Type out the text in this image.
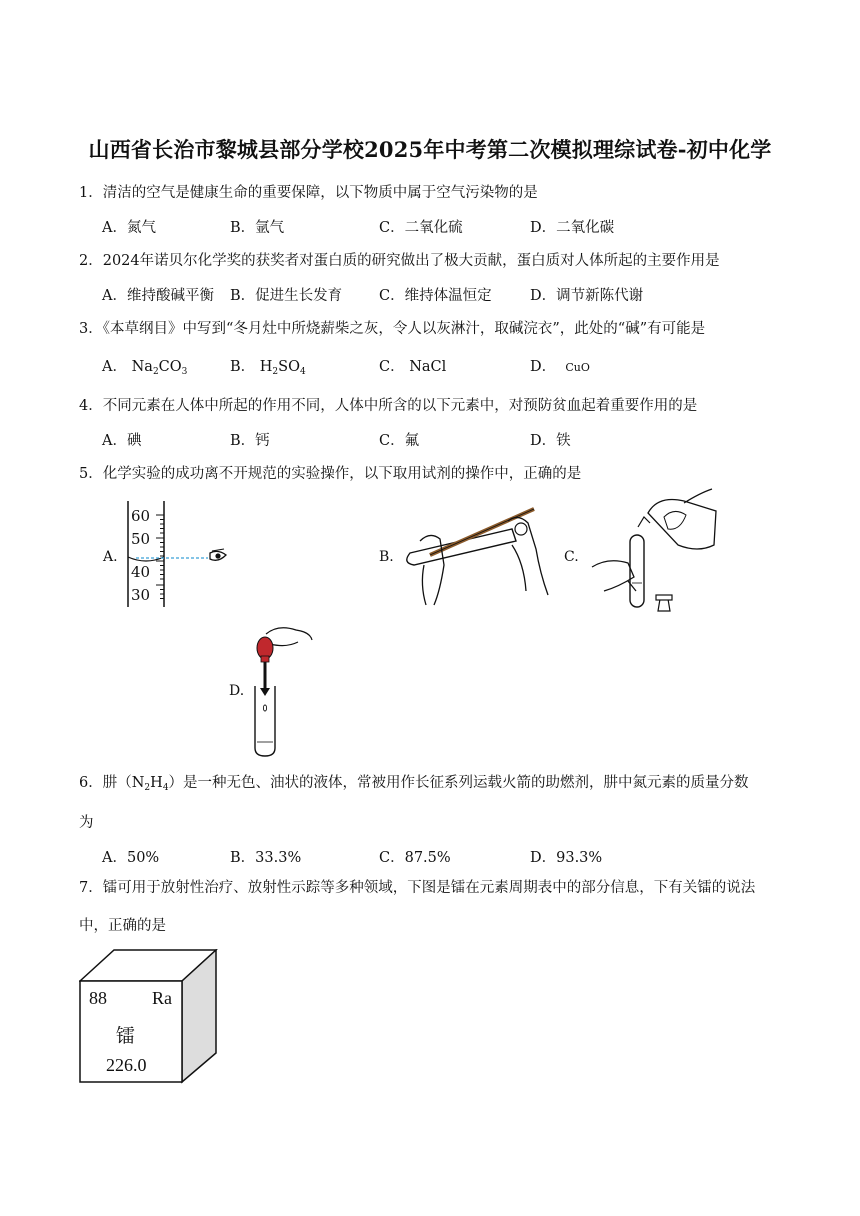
山西省长治市黎城县部分学校2025年中考第二次模拟理综试卷-初中化学
1．清洁的空气是健康生命的重要保障，以下物质中属于空气污染物的是
A．氮气	B．氩气	C．二氧化硫	D．二氧化碳
2．2024年诺贝尔化学奖的获奖者对蛋白质的研究做出了极大贡献，蛋白质对人体所起的主要作用是
A．维持酸碱平衡 B．促进生长发育	C．维持体温恒定	D．调节新陈代谢
3．《本草纲目》中写到“冬月灶中所烧薪柴之灰，令人以灰淋汁，取碱浣衣”，此处的“碱”有可能是
A． $Na_2CO_3$	B． $H_2SO_4$	C． NaCl	D． CuO
4．不同元素在人体中所起的作用不同，人体中所含的以下元素中，对预防贫血起着重要作用的是
A．碘	B．钙	C．氟	D．铁
5．化学实验的成功离不开规范的实验操作，以下取用试剂的操作中，正确的是
A.	B.	C.
D.
60
50
40
30
6．肼$(N_2H_4)$是一种无色、油状的液体，常被用作长征系列运载火箭的助燃剂，肼中氮元素的质量分数
为
A．50%	B．33.3%	C．87.5%	D．93.3%
7．镭可用于放射性治疗、放射性示踪等多种领域，下图是镭在元素周期表中的部分信息，下有关镭的说法中，正确的是
88	Ra
镭
226.0
